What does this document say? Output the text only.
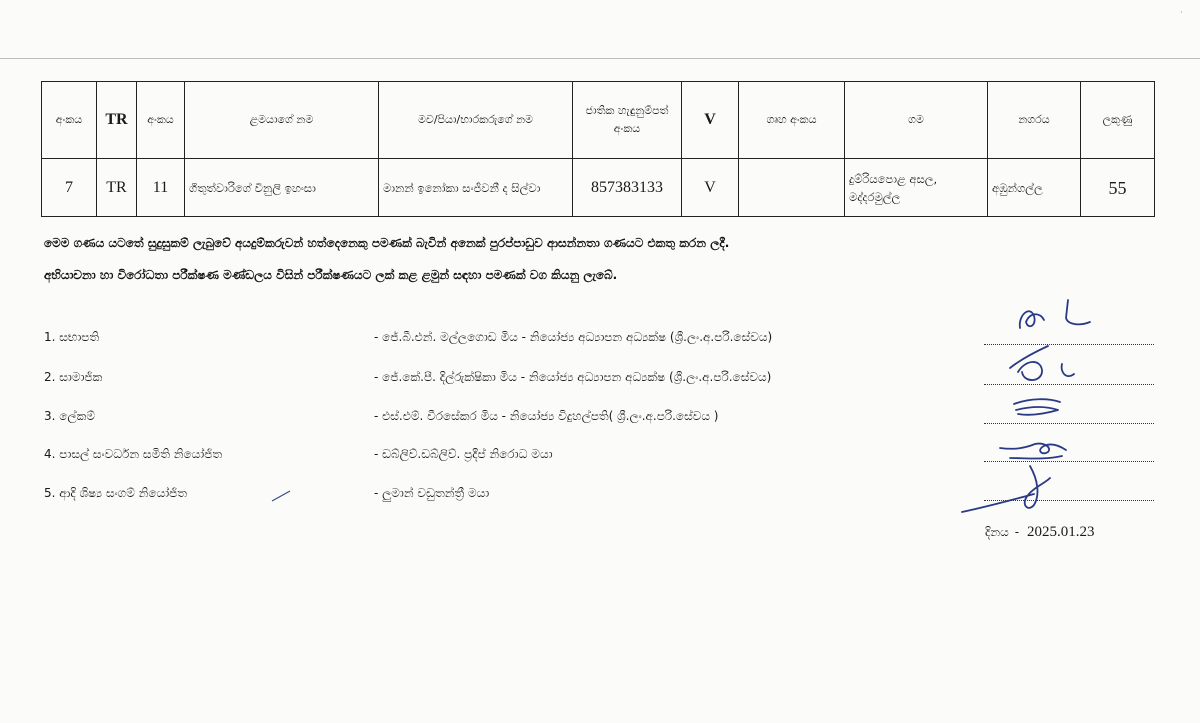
·
අංකය	TR	අංකය	ළමයාගේ නම	මව/පියා/භාරකරුගේ නම	ජාතික හැඳුනුම්පත් අංකය	V	ගෘහ අංකය	ගම	නගරය	ලකුණු
7	TR	11	ගීතුත්වාරිගේ විනුලි ඉහංසා	මානන් ඉනෝකා සංජීවනී ද සිල්වා	857383133	V		දුම්රියපොළ අසල, මද්දරමුල්ල	අඹුන්ගල්ල	55
මෙම ගණය යටතේ සුදුසුකම් ලැබුවේ අයදුම්කරුවන් හත්දෙනෙකු පමණක් බැවින් අනෙක් පුරප්පාඩුව ආසන්නතා ගණයට එකතු කරන ලදී.
අභියාචනා හා විරෝධතා පරීක්ෂණ මණ්ඩලය විසින් පරීක්ෂණයට ලක් කළ ළමුන් සඳහා පමණක් වග කියනු ලැබේ.
1. සභාපති	- ජේ.බී.එන්. මල්ලගොඩ මිය - නියෝජ්‍ය අධ්‍යාපන අධ්‍යක්ෂ (ශ්‍රී.ලං.අ.පරි.සේවය)
2. සාමාජික	- ජේ.කේ.පී. දිල්රුක්ෂිකා මිය - නියෝජ්‍ය අධ්‍යාපන අධ්‍යක්ෂ (ශ්‍රී.ලං.අ.පරි.සේවය)
3. ලේකම්	- එස්.එම්. වීරසේකර මිය - නියෝජ්‍ය විදුහල්පති( ශ්‍රී.ලං.අ.පරි.සේවය )
4. පාසල් සංවර්ධන සමිති නියෝජිත	- ඩබ්ලිව්.ඩබ්ලිව්. ප්‍රදීප් නිරොධ මයා
5. ආදි ශිෂ්‍ය සංගම් නියෝජිත	- ලුමාන් වඩුතන්ත්‍රී මයා
දිනය - 2025.01.23
